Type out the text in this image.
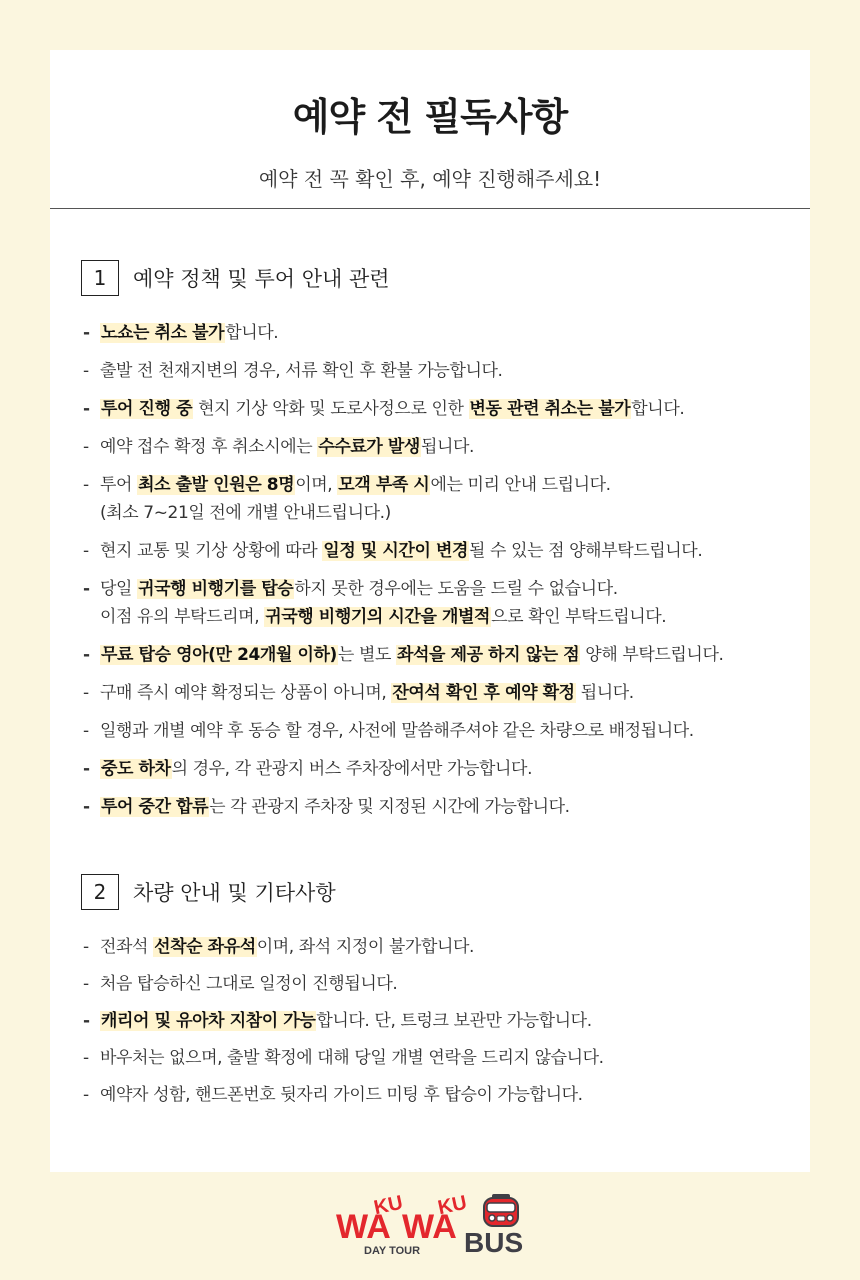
예약 전 필독사항
예약 전 꼭 확인 후, 예약 진행해주세요!
1	예약 정책 및 투어 안내 관련
- 노쇼는 취소 불가합니다.
- 출발 전 천재지변의 경우, 서류 확인 후 환불 가능합니다.
- 투어 진행 중 현지 기상 악화 및 도로사정으로 인한 변동 관련 취소는 불가합니다.
- 예약 접수 확정 후 취소시에는 수수료가 발생됩니다.
- 투어 최소 출발 인원은 8명이며, 모객 부족 시에는 미리 안내 드립니다.
(최소 7~21일 전에 개별 안내드립니다.)
- 현지 교통 및 기상 상황에 따라 일정 및 시간이 변경될 수 있는 점 양해부탁드립니다.
- 당일 귀국행 비행기를 탑승하지 못한 경우에는 도움을 드릴 수 없습니다.
이점 유의 부탁드리며, 귀국행 비행기의 시간을 개별적으로 확인 부탁드립니다.
- 무료 탑승 영아(만 24개월 이하)는 별도 좌석을 제공 하지 않는 점 양해 부탁드립니다.
- 구매 즉시 예약 확정되는 상품이 아니며, 잔여석 확인 후 예약 확정 됩니다.
- 일행과 개별 예약 후 동승 할 경우, 사전에 말씀해주셔야 같은 차량으로 배정됩니다.
- 중도 하차의 경우, 각 관광지 버스 주차장에서만 가능합니다.
- 투어 중간 합류는 각 관광지 주차장 및 지정된 시간에 가능합니다.
2	차량 안내 및 기타사항
- 전좌석 선착순 좌유석이며, 좌석 지정이 불가합니다.
- 처음 탑승하신 그대로 일정이 진행됩니다.
- 캐리어 및 유아차 지참이 가능합니다. 단, 트렁크 보관만 가능합니다.
- 바우처는 없으며, 출발 확정에 대해 당일 개별 연락을 드리지 않습니다.
- 예약자 성함, 핸드폰번호 뒷자리 가이드 미팅 후 탑승이 가능합니다.
WA
KU
WA
KU
BUS
DAY TOUR
